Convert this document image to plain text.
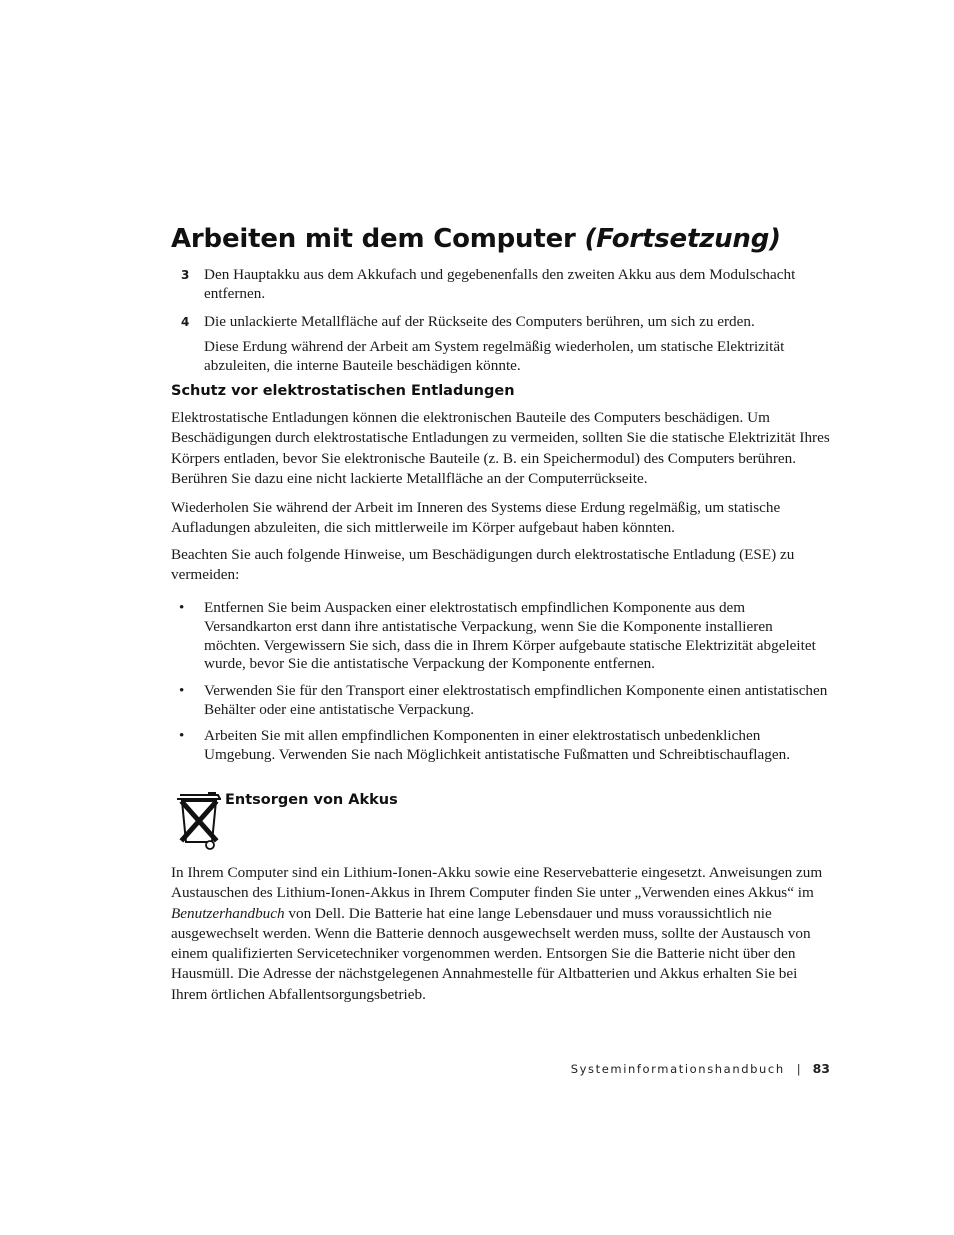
Arbeiten mit dem Computer (Fortsetzung)
3 Den Hauptakku aus dem Akkufach und gegebenenfalls den zweiten Akku aus dem Modulschacht entfernen.
4 Die unlackierte Metallfläche auf der Rückseite des Computers berühren, um sich zu erden.
Diese Erdung während der Arbeit am System regelmäßig wiederholen, um statische Elektrizität abzuleiten, die interne Bauteile beschädigen könnte.
Schutz vor elektrostatischen Entladungen

Elektrostatische Entladungen können die elektronischen Bauteile des Computers beschädigen. Um Beschädigungen durch elektrostatische Entladungen zu vermeiden, sollten Sie die statische Elektrizität Ihres Körpers entladen, bevor Sie elektronische Bauteile (z. B. ein Speichermodul) des Computers berühren. Berühren Sie dazu eine nicht lackierte Metallfläche an der Computerrückseite.

Wiederholen Sie während der Arbeit im Inneren des Systems diese Erdung regelmäßig, um statische Aufladungen abzuleiten, die sich mittlerweile im Körper aufgebaut haben könnten.

Beachten Sie auch folgende Hinweise, um Beschädigungen durch elektrostatische Entladung (ESE) zu vermeiden:

• Entfernen Sie beim Auspacken einer elektrostatisch empfindlichen Komponente aus dem Versandkarton erst dann ihre antistatische Verpackung, wenn Sie die Komponente installieren möchten. Vergewissern Sie sich, dass die in Ihrem Körper aufgebaute statische Elektrizität abgeleitet wurde, bevor Sie die antistatische Verpackung der Komponente entfernen.
• Verwenden Sie für den Transport einer elektrostatisch empfindlichen Komponente einen antistatischen Behälter oder eine antistatische Verpackung.
• Arbeiten Sie mit allen empfindlichen Komponenten in einer elektrostatisch unbedenklichen Umgebung. Verwenden Sie nach Möglichkeit antistatische Fußmatten und Schreibtischauflagen.
Entsorgen von Akkus

In Ihrem Computer sind ein Lithium-Ionen-Akku sowie eine Reservebatterie eingesetzt. Anweisungen zum Austauschen des Lithium-Ionen-Akkus in Ihrem Computer finden Sie unter „Verwenden eines Akkus“ im Benutzerhandbuch von Dell. Die Batterie hat eine lange Lebensdauer und muss voraussichtlich nie ausgewechselt werden. Wenn die Batterie dennoch ausgewechselt werden muss, sollte der Austausch von einem qualifizierten Servicetechniker vorgenommen werden. Entsorgen Sie die Batterie nicht über den Hausmüll. Die Adresse der nächstgelegenen Annahmestelle für Altbatterien und Akkus erhalten Sie bei Ihrem örtlichen Abfallentsorgungsbetrieb.

Systeminformationshandbuch | 83
